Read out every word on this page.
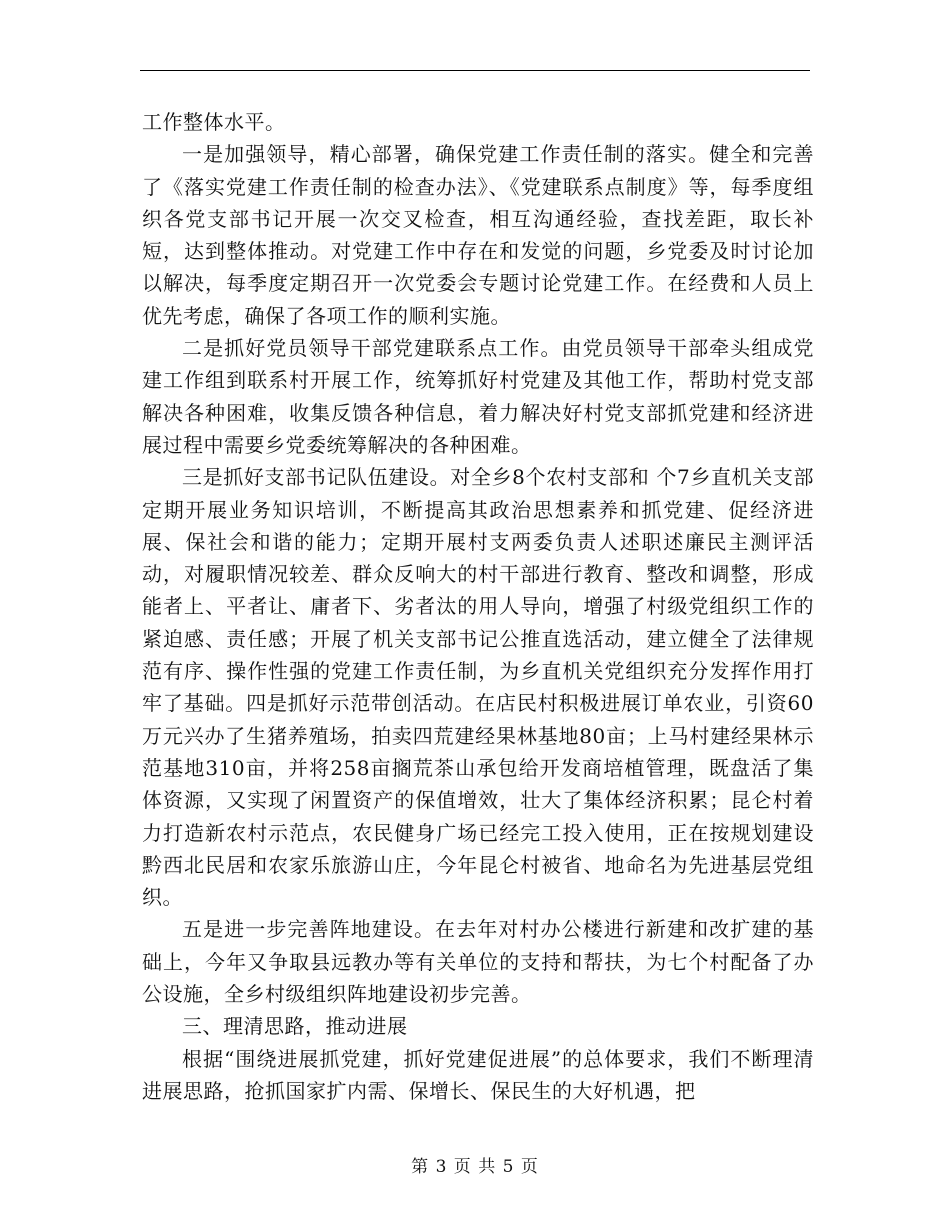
工作整体水平。

一是加强领导，精心部署，确保党建工作责任制的落实。健全和完善了《落实党建工作责任制的检查办法》、《党建联系点制度》等，每季度组织各党支部书记开展一次交叉检查，相互沟通经验，查找差距，取长补短，达到整体推动。对党建工作中存在和发觉的问题，乡党委及时讨论加以解决，每季度定期召开一次党委会专题讨论党建工作。在经费和人员上优先考虑，确保了各项工作的顺利实施。

二是抓好党员领导干部党建联系点工作。由党员领导干部牵头组成党建工作组到联系村开展工作，统筹抓好村党建及其他工作，帮助村党支部解决各种困难，收集反馈各种信息，着力解决好村党支部抓党建和经济进展过程中需要乡党委统筹解决的各种困难。

三是抓好支部书记队伍建设。对全乡8个农村支部和 个7乡直机关支部定期开展业务知识培训，不断提高其政治思想素养和抓党建、促经济进展、保社会和谐的能力；定期开展村支两委负责人述职述廉民主测评活动，对履职情况较差、群众反响大的村干部进行教育、整改和调整，形成能者上、平者让、庸者下、劣者汰的用人导向，增强了村级党组织工作的紧迫感、责任感；开展了机关支部书记公推直选活动，建立健全了法律规范有序、操作性强的党建工作责任制，为乡直机关党组织充分发挥作用打牢了基础。四是抓好示范带创活动。在店民村积极进展订单农业，引资60万元兴办了生猪养殖场，拍卖四荒建经果林基地80亩；上马村建经果林示范基地310亩，并将258亩搁荒茶山承包给开发商培植管理，既盘活了集体资源，又实现了闲置资产的保值增效，壮大了集体经济积累；昆仑村着力打造新农村示范点，农民健身广场已经完工投入使用，正在按规划建设黔西北民居和农家乐旅游山庄，今年昆仑村被省、地命名为先进基层党组织。

五是进一步完善阵地建设。在去年对村办公楼进行新建和改扩建的基础上，今年又争取县远教办等有关单位的支持和帮扶，为七个村配备了办公设施，全乡村级组织阵地建设初步完善。

三、理清思路，推动进展

根据“围绕进展抓党建，抓好党建促进展”的总体要求，我们不断理清进展思路，抢抓国家扩内需、保增长、保民生的大好机遇，把

第 3 页 共 5 页
